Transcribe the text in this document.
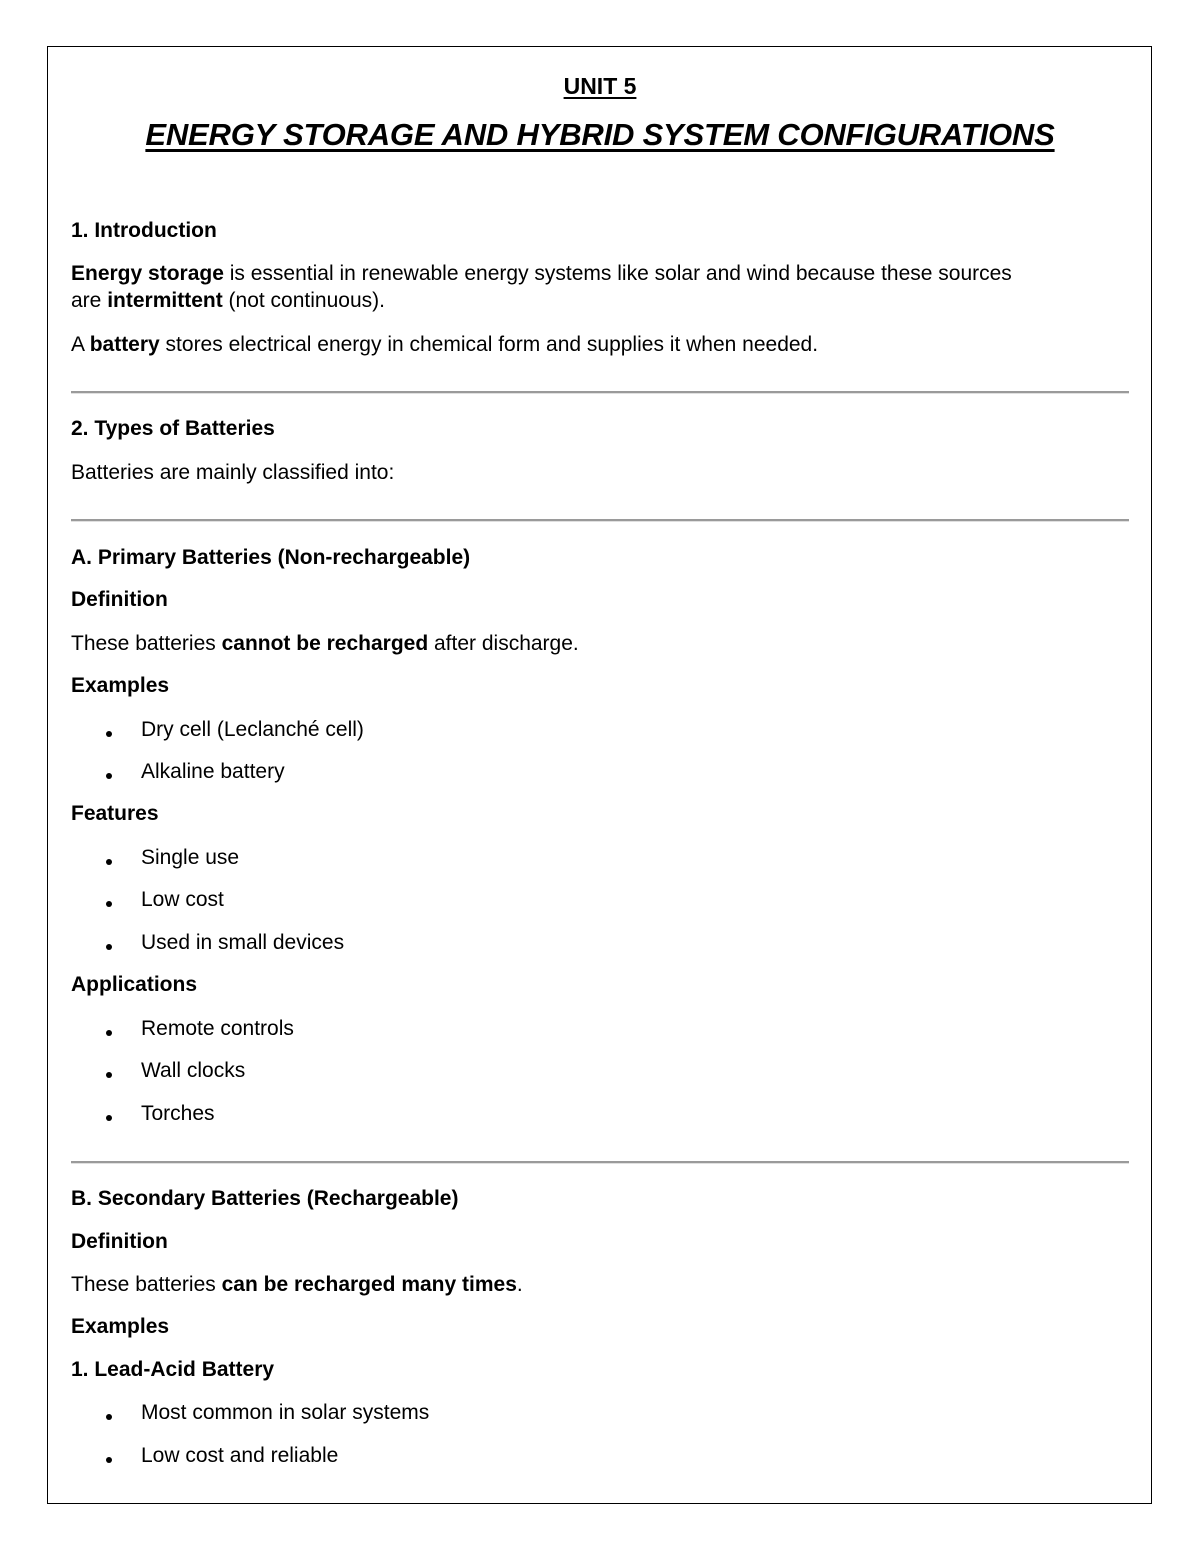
UNIT 5
ENERGY STORAGE AND HYBRID SYSTEM CONFIGURATIONS
1. Introduction
Energy storage is essential in renewable energy systems like solar and wind because these sources
are intermittent (not continuous).
A battery stores electrical energy in chemical form and supplies it when needed.
2. Types of Batteries
Batteries are mainly classified into:
A. Primary Batteries (Non-rechargeable)
Definition
These batteries cannot be recharged after discharge.
Examples
Dry cell (Leclanché cell)
Alkaline battery
Features
Single use
Low cost
Used in small devices
Applications
Remote controls
Wall clocks
Torches
B. Secondary Batteries (Rechargeable)
Definition
These batteries can be recharged many times.
Examples
1. Lead-Acid Battery
Most common in solar systems
Low cost and reliable
